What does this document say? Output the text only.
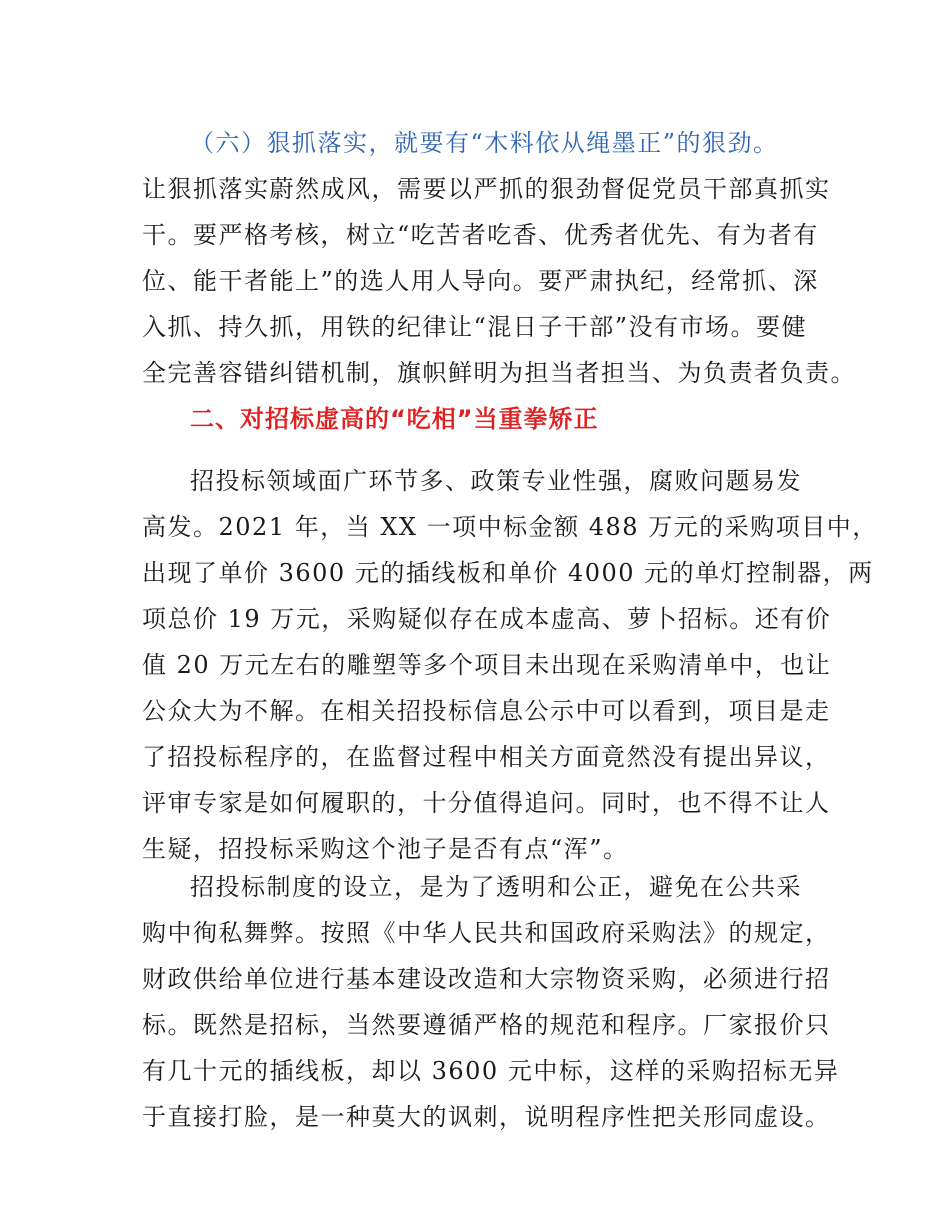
（六）狠抓落实，就要有“木料依从绳墨正”的狠劲。
让狠抓落实蔚然成风，需要以严抓的狠劲督促党员干部真抓实
干。要严格考核，树立“吃苦者吃香、优秀者优先、有为者有
位、能干者能上”的选人用人导向。要严肃执纪，经常抓、深
入抓、持久抓，用铁的纪律让“混日子干部”没有市场。要健
全完善容错纠错机制，旗帜鲜明为担当者担当、为负责者负责。
二、对招标虚高的“吃相”当重拳矫正
招投标领域面广环节多、政策专业性强，腐败问题易发
高发。2021 年，当 XX 一项中标金额 488 万元的采购项目中，
出现了单价 3600 元的插线板和单价 4000 元的单灯控制器，两
项总价 19 万元，采购疑似存在成本虚高、萝卜招标。还有价
值 20 万元左右的雕塑等多个项目未出现在采购清单中，也让
公众大为不解。在相关招投标信息公示中可以看到，项目是走
了招投标程序的，在监督过程中相关方面竟然没有提出异议，
评审专家是如何履职的，十分值得追问。同时，也不得不让人
生疑，招投标采购这个池子是否有点“浑”。
招投标制度的设立，是为了透明和公正，避免在公共采
购中徇私舞弊。按照《中华人民共和国政府采购法》的规定，
财政供给单位进行基本建设改造和大宗物资采购，必须进行招
标。既然是招标，当然要遵循严格的规范和程序。厂家报价只
有几十元的插线板，却以 3600 元中标，这样的采购招标无异
于直接打脸，是一种莫大的讽刺，说明程序性把关形同虚设。
